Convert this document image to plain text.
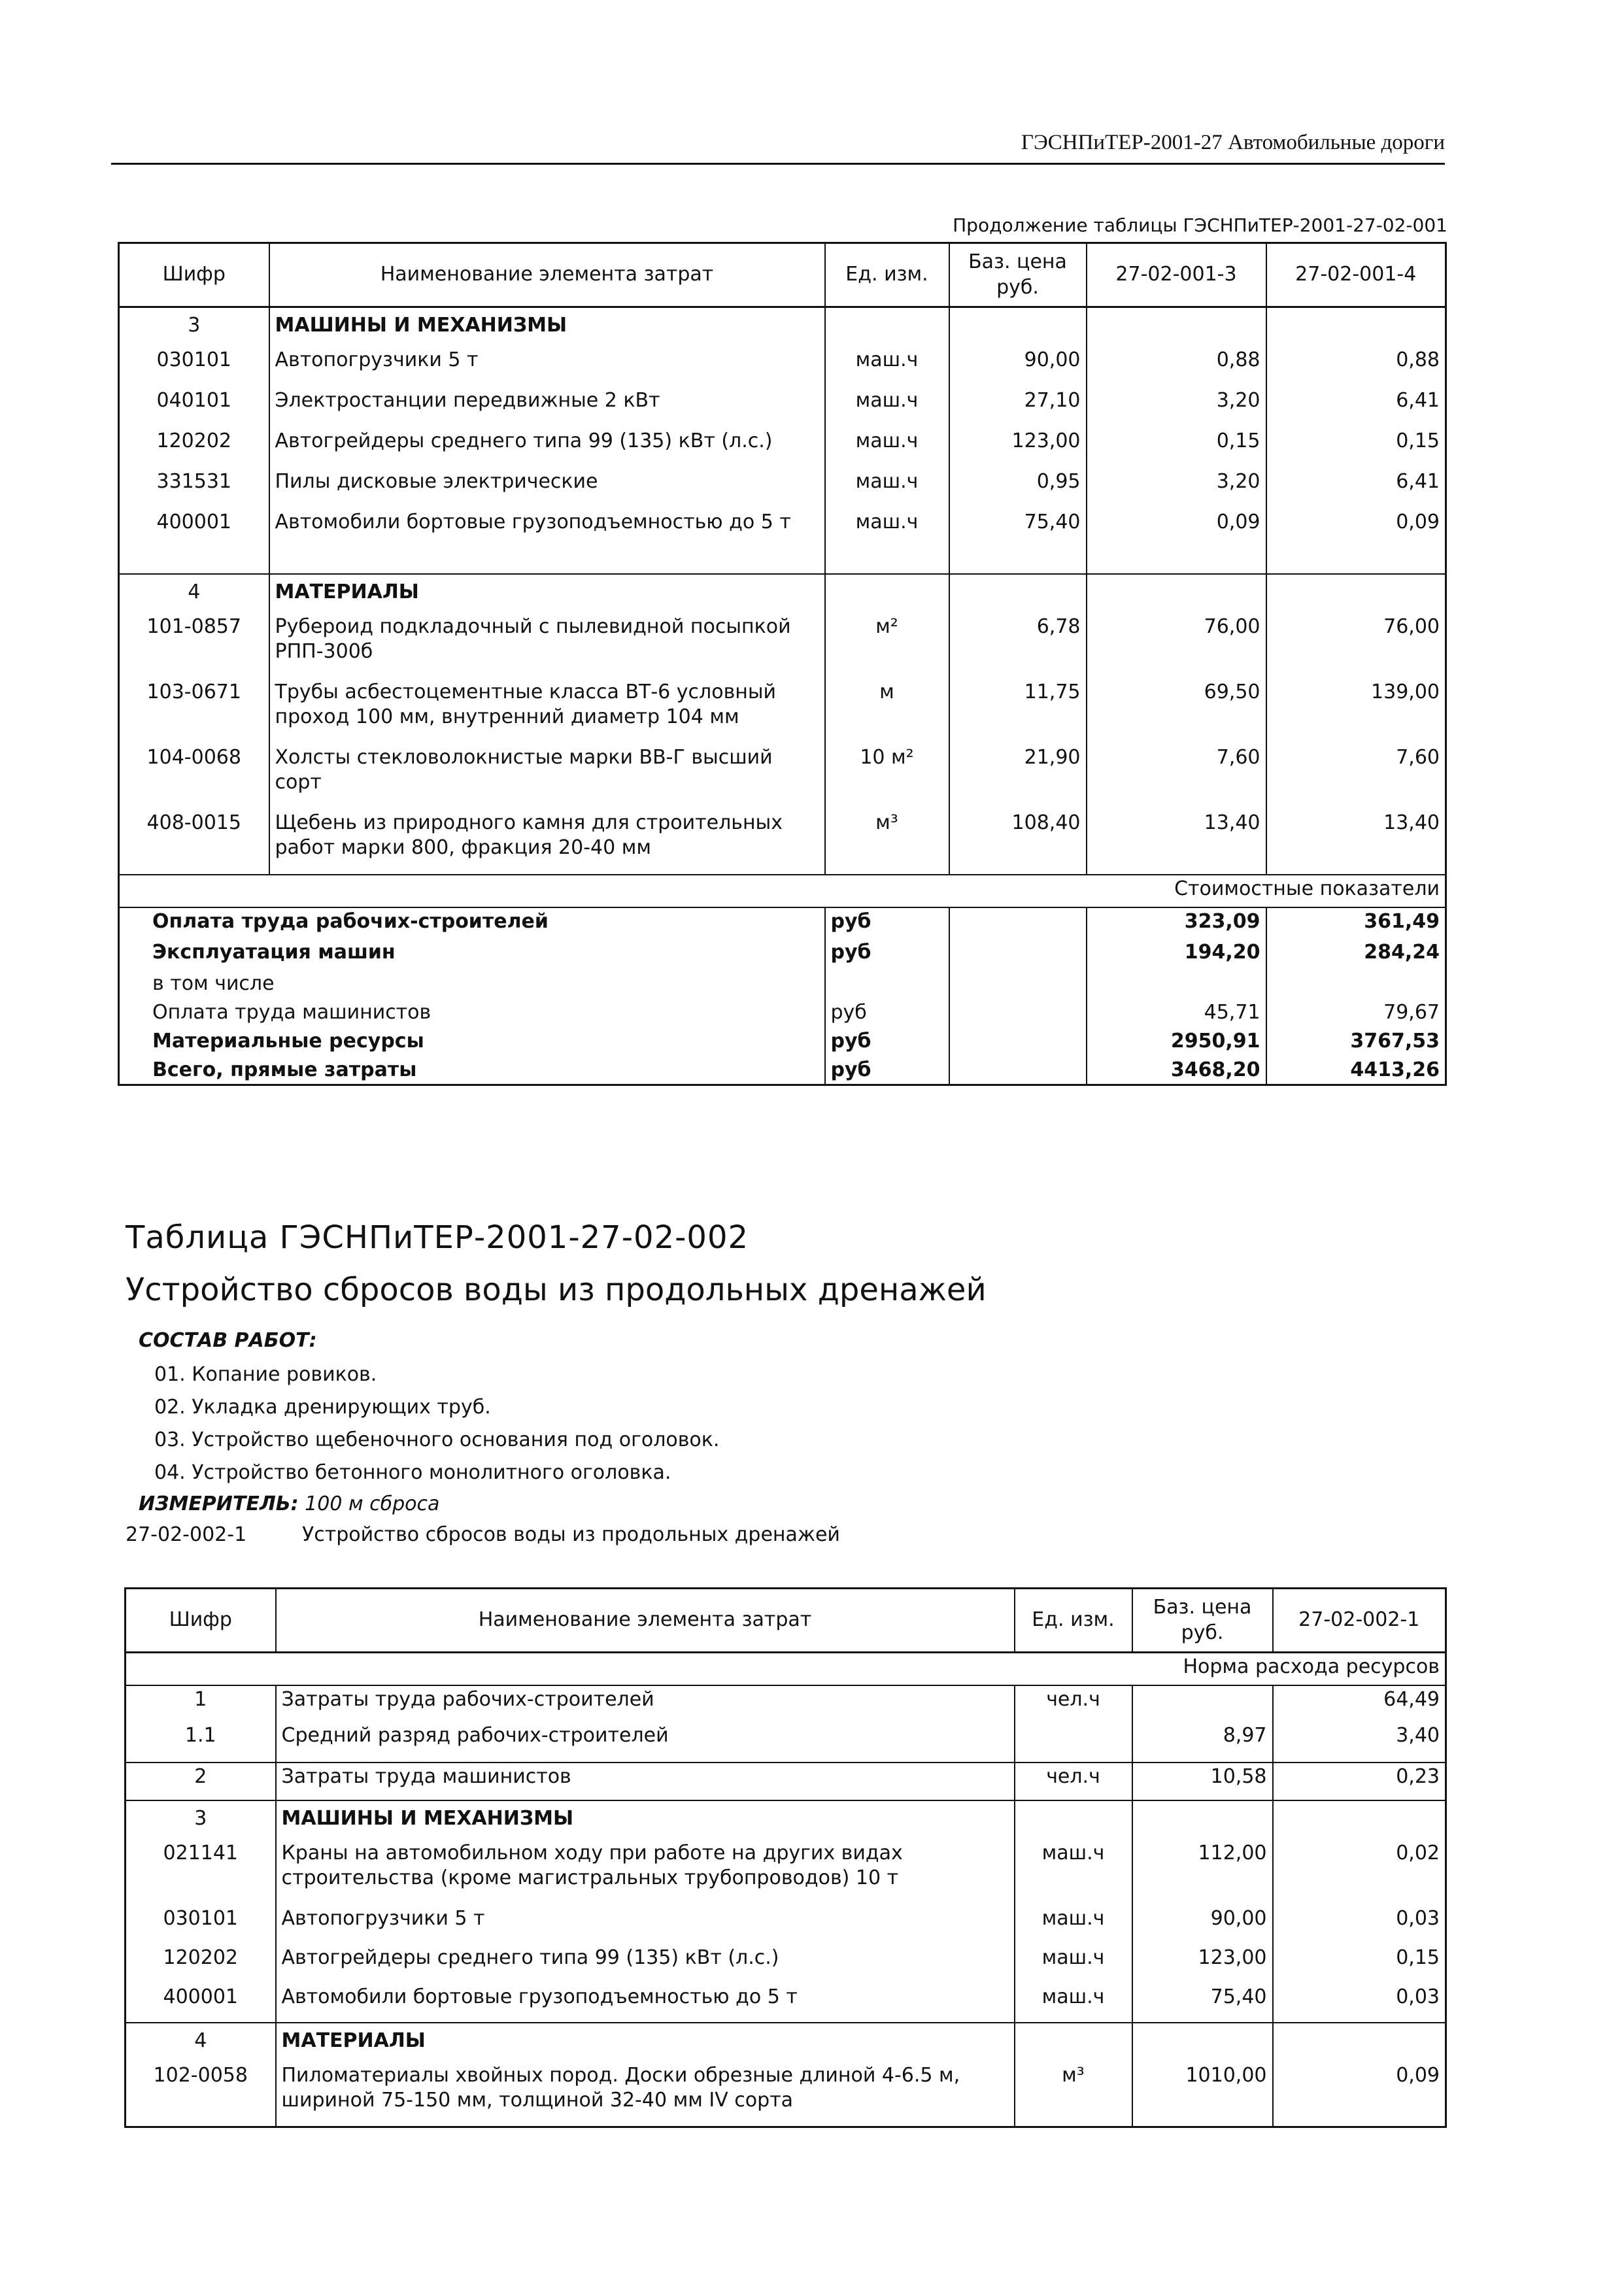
ГЭСНПиТЕР-2001-27 Автомобильные дороги
Продолжение таблицы ГЭСНПиТЕР-2001-27-02-001
Шифр	Наименование элемента затрат	Ед. изм.	Баз. цена руб.	27-02-001-3	27-02-001-4
3	МАШИНЫ И МЕХАНИЗМЫ				
030101	Автопогрузчики 5 т	маш.ч	90,00	0,88	0,88
040101	Электростанции передвижные 2 кВт	маш.ч	27,10	3,20	6,41
120202	Автогрейдеры среднего типа 99 (135) кВт (л.с.)	маш.ч	123,00	0,15	0,15
331531	Пилы дисковые электрические	маш.ч	0,95	3,20	6,41
400001	Автомобили бортовые грузоподъемностью до 5 т	маш.ч	75,40	0,09	0,09
4	МАТЕРИАЛЫ				
101-0857	Рубероид подкладочный с пылевидной посыпкой РПП-300б	м²	6,78	76,00	76,00
103-0671	Трубы асбестоцементные класса ВТ-6 условный проход 100 мм, внутренний диаметр 104 мм	м	11,75	69,50	139,00
104-0068	Холсты стекловолокнистые марки ВВ-Г высший сорт	10 м²	21,90	7,60	7,60
408-0015	Щебень из природного камня для строительных работ марки 800, фракция 20-40 мм	м³	108,40	13,40	13,40
Стоимостные показатели					
Оплата труда рабочих-строителей		руб		323,09	361,49
Эксплуатация машин		руб		194,20	284,24
в том числе					
Оплата труда машинистов		руб		45,71	79,67
Материальные ресурсы		руб		2950,91	3767,53
Всего, прямые затраты		руб		3468,20	4413,26
Таблица ГЭСНПиТЕР-2001-27-02-002
Устройство сбросов воды из продольных дренажей
СОСТАВ РАБОТ:
01. Копание ровиков.
02. Укладка дренирующих труб.
03. Устройство щебеночного основания под оголовок.
04. Устройство бетонного монолитного оголовка.
ИЗМЕРИТЕЛЬ: 100 м сброса
27-02-002-1	Устройство сбросов воды из продольных дренажей
Шифр	Наименование элемента затрат	Ед. изм.	Баз. цена руб.	27-02-002-1
Норма расхода ресурсов				
1	Затраты труда рабочих-строителей	чел.ч		64,49
1.1	Средний разряд рабочих-строителей		8,97	3,40
2	Затраты труда машинистов	чел.ч	10,58	0,23
3	МАШИНЫ И МЕХАНИЗМЫ			
021141	Краны на автомобильном ходу при работе на других видах строительства (кроме магистральных трубопроводов) 10 т	маш.ч	112,00	0,02
030101	Автопогрузчики 5 т	маш.ч	90,00	0,03
120202	Автогрейдеры среднего типа 99 (135) кВт (л.с.)	маш.ч	123,00	0,15
400001	Автомобили бортовые грузоподъемностью до 5 т	маш.ч	75,40	0,03
4	МАТЕРИАЛЫ			
102-0058	Пиломатериалы хвойных пород. Доски обрезные длиной 4-6.5 м, шириной 75-150 мм, толщиной 32-40 мм IV сорта	м³	1010,00	0,09
